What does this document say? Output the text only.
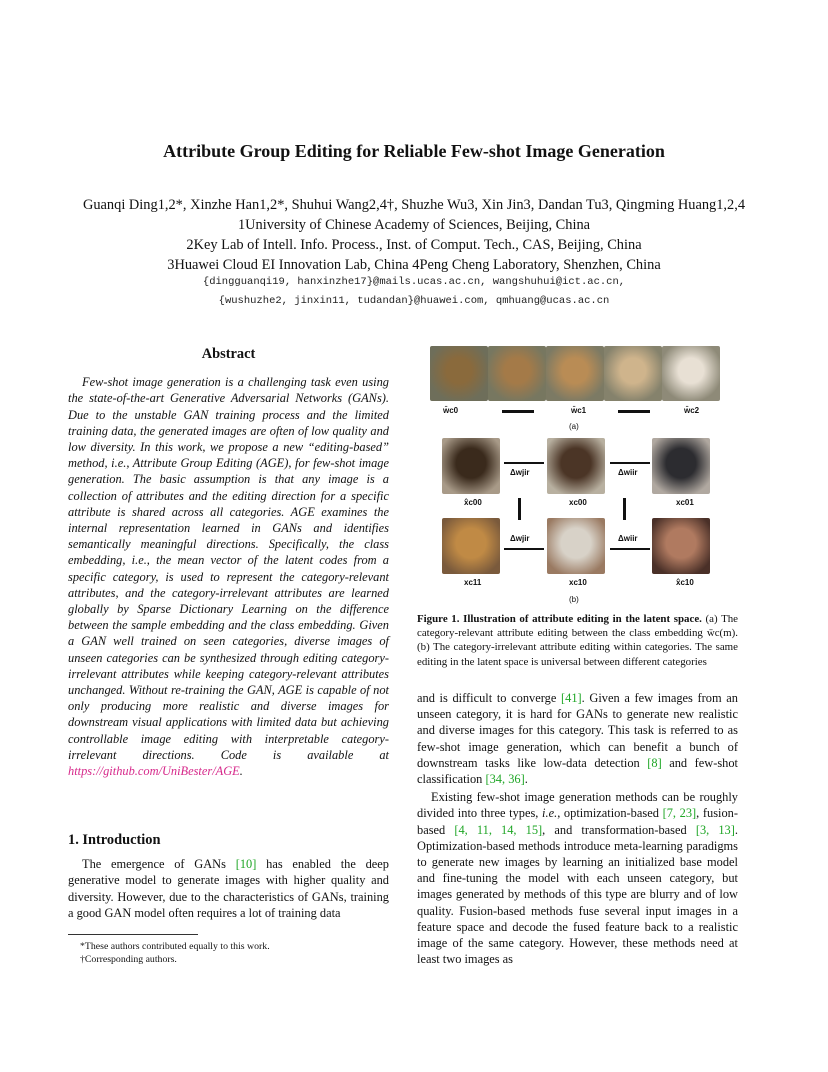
Attribute Group Editing for Reliable Few-shot Image Generation
Guanqi Ding1,2*, Xinzhe Han1,2*, Shuhui Wang2,4†, Shuzhe Wu3, Xin Jin3, Dandan Tu3, Qingming Huang1,2,4
1University of Chinese Academy of Sciences, Beijing, China
2Key Lab of Intell. Info. Process., Inst. of Comput. Tech., CAS, Beijing, China
3Huawei Cloud EI Innovation Lab, China 4Peng Cheng Laboratory, Shenzhen, China
{dingguanqi19, hanxinzhe17}@mails.ucas.ac.cn, wangshuhui@ict.ac.cn,
{wushuzhe2, jinxin11, tudandan}@huawei.com, qmhuang@ucas.ac.cn
Abstract

Few-shot image generation is a challenging task even using the state-of-the-art Generative Adversarial Networks (GANs). Due to the unstable GAN training process and the limited training data, the generated images are often of low quality and low diversity. In this work, we propose a new “editing-based” method, i.e., Attribute Group Editing (AGE), for few-shot image generation. The basic assumption is that any image is a collection of attributes and the editing direction for a specific attribute is shared across all categories. AGE examines the internal representation learned in GANs and identifies semantically meaningful directions. Specifically, the class embedding, i.e., the mean vector of the latent codes from a specific category, is used to represent the category-relevant attributes, and the category-irrelevant attributes are learned globally by Sparse Dictionary Learning on the difference between the sample embedding and the class embedding. Given a GAN well trained on seen categories, diverse images of unseen categories can be synthesized through editing category-irrelevant attributes while keeping category-relevant attributes unchanged. Without re-training the GAN, AGE is capable of not only producing more realistic and diverse images for downstream visual applications with limited data but achieving controllable image editing with interpretable category-irrelevant directions. Code is available at https://github.com/UniBester/AGE.

1. Introduction

The emergence of GANs [10] has enabled the deep generative model to generate images with higher quality and diversity. However, due to the characteristics of GANs, training a good GAN model often requires a lot of training data

*These authors contributed equally to this work.
†Corresponding authors.
w̄c0	w̄c1	w̄c2
(a)
Δwjir	Δwiir
x̂c00	xc00	xc01
Δwjir	Δwiir
xc11	xc10	x̂c10
(b)
Figure 1. Illustration of attribute editing in the latent space. (a) The category-relevant attribute editing between the class embedding w̄c(m). (b) The category-irrelevant attribute editing within categories. The same editing in the latent space is universal between different categories

and is difficult to converge [41]. Given a few images from an unseen category, it is hard for GANs to generate new realistic and diverse images for this category. This task is referred to as few-shot image generation, which can benefit a bunch of downstream tasks like low-data detection [8] and few-shot classification [34, 36].

Existing few-shot image generation methods can be roughly divided into three types, i.e., optimization-based [7, 23], fusion-based [4, 11, 14, 15], and transformation-based [3, 13]. Optimization-based methods introduce meta-learning paradigms to generate new images by learning an initialized base model and fine-tuning the model with each unseen category, but images generated by methods of this type are blurry and of low quality. Fusion-based methods fuse several input images in a feature space and decode the fused feature back to a realistic image of the same category. However, these methods need at least two images as
